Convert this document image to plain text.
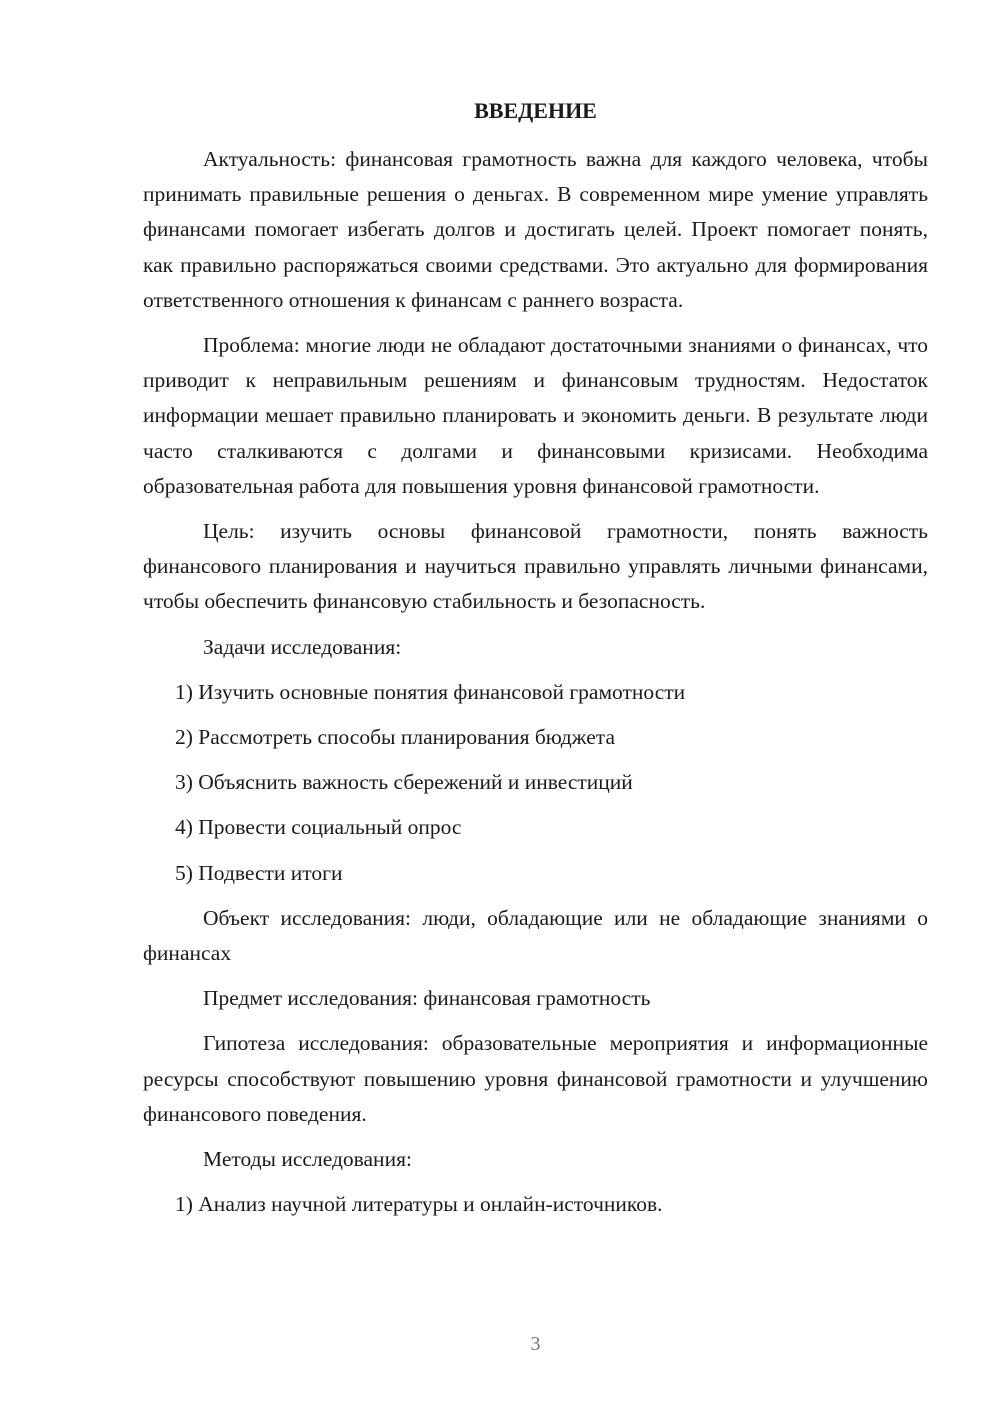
ВВЕДЕНИЕ

Актуальность: финансовая грамотность важна для каждого человека, чтобы принимать правильные решения о деньгах. В современном мире умение управлять финансами помогает избегать долгов и достигать целей. Проект помогает понять, как правильно распоряжаться своими средствами. Это актуально для формирования ответственного отношения к финансам с раннего возраста.

Проблема: многие люди не обладают достаточными знаниями о финансах, что приводит к неправильным решениям и финансовым трудностям. Недостаток информации мешает правильно планировать и экономить деньги. В результате люди часто сталкиваются с долгами и финансовыми кризисами. Необходима образовательная работа для повышения уровня финансовой грамотности.

Цель: изучить основы финансовой грамотности, понять важность финансового планирования и научиться правильно управлять личными финансами, чтобы обеспечить финансовую стабильность и безопасность.

Задачи исследования:

1) Изучить основные понятия финансовой грамотности
2) Рассмотреть способы планирования бюджета
3) Объяснить важность сбережений и инвестиций
4) Провести социальный опрос
5) Подвести итоги

Объект исследования: люди, обладающие или не обладающие знаниями о финансах

Предмет исследования: финансовая грамотность

Гипотеза исследования: образовательные мероприятия и информационные ресурсы способствуют повышению уровня финансовой грамотности и улучшению финансового поведения.

Методы исследования:

1) Анализ научной литературы и онлайн-источников.
3
